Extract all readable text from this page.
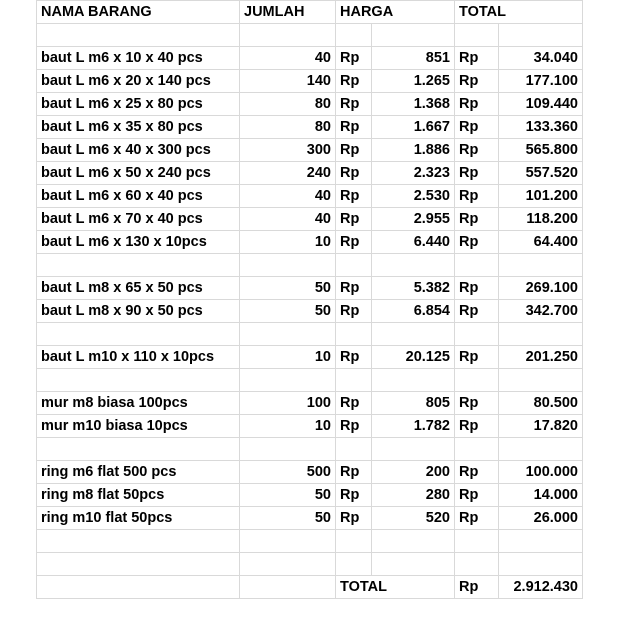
NAMA BARANG	JUMLAH	HARGA		TOTAL	

baut L m6 x 10 x 40 pcs	40	Rp	851	Rp	34.040
baut L m6 x 20 x 140 pcs	140	Rp	1.265	Rp	177.100
baut L m6 x 25 x 80 pcs	80	Rp	1.368	Rp	109.440
baut L m6 x 35 x 80 pcs	80	Rp	1.667	Rp	133.360
baut L m6 x 40 x 300 pcs	300	Rp	1.886	Rp	565.800
baut L m6 x 50 x 240 pcs	240	Rp	2.323	Rp	557.520
baut L m6 x 60 x 40 pcs	40	Rp	2.530	Rp	101.200
baut L m6 x 70 x 40 pcs	40	Rp	2.955	Rp	118.200
baut L m6 x 130 x 10pcs	10	Rp	6.440	Rp	64.400

baut L m8 x 65 x 50 pcs	50	Rp	5.382	Rp	269.100
baut L m8 x 90 x 50 pcs	50	Rp	6.854	Rp	342.700

baut L m10 x 110 x 10pcs	10	Rp	20.125	Rp	201.250

mur m8 biasa 100pcs	100	Rp	805	Rp	80.500
mur m10 biasa 10pcs	10	Rp	1.782	Rp	17.820

ring m6 flat 500 pcs	500	Rp	200	Rp	100.000
ring m8 flat 50pcs	50	Rp	280	Rp	14.000
ring m10 flat 50pcs	50	Rp	520	Rp	26.000

		TOTAL		Rp	2.912.430
